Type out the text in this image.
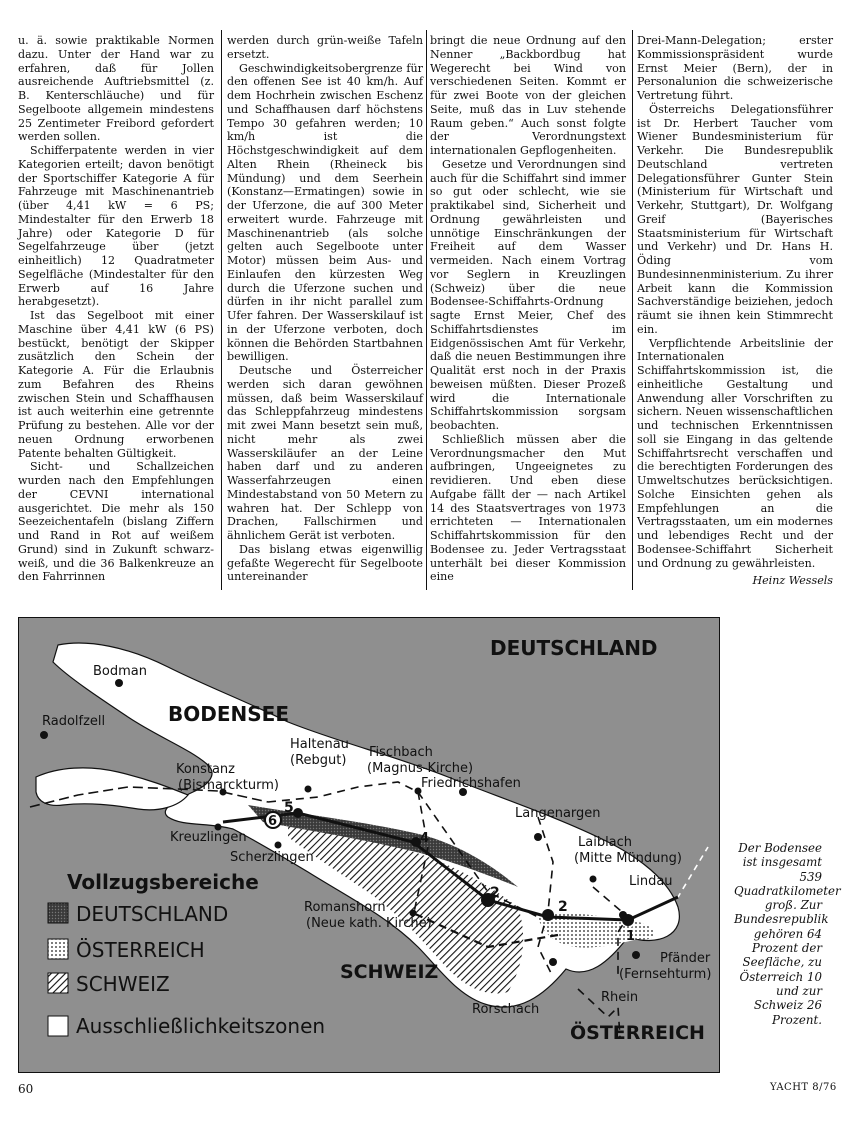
u. ä. sowie praktikable Normen dazu. Unter der Hand war zu erfahren, daß für Jollen ausreichende Auftriebsmittel (z. B. Kenterschläuche) und für Segelboote allgemein mindestens 25 Zentimeter Freibord gefordert werden sollen.

Schifferpatente werden in vier Kategorien erteilt; davon benötigt der Sportschiffer Kategorie A für Fahrzeuge mit Maschinenantrieb (über 4,41 kW = 6 PS; Mindestalter für den Erwerb 18 Jahre) oder Kategorie D für Segelfahrzeuge über (jetzt einheitlich) 12 Quadratmeter Segelfläche (Mindestalter für den Erwerb auf 16 Jahre herabgesetzt).

Ist das Segelboot mit einer Maschine über 4,41 kW (6 PS) bestückt, benötigt der Skipper zusätzlich den Schein der Kategorie A. Für die Erlaubnis zum Befahren des Rheins zwischen Stein und Schaffhausen ist auch weiterhin eine getrennte Prüfung zu bestehen. Alle vor der neuen Ordnung erworbenen Patente behalten Gültigkeit.

Sicht- und Schallzeichen wurden nach den Empfehlungen der CEVNI international ausgerichtet. Die mehr als 150 Seezeichentafeln (bislang Ziffern und Rand in Rot auf weißem Grund) sind in Zukunft schwarz-weiß, und die 36 Balkenkreuze an den Fahrrinnen

werden durch grün-weiße Tafeln ersetzt.

Geschwindigkeitsobergrenze für den offenen See ist 40 km/h. Auf dem Hochrhein zwischen Eschenz und Schaffhausen darf höchstens Tempo 30 gefahren werden; 10 km/h ist die Höchstgeschwindigkeit auf dem Alten Rhein (Rheineck bis Mündung) und dem Seerhein (Konstanz—Ermatingen) sowie in der Uferzone, die auf 300 Meter erweitert wurde. Fahrzeuge mit Maschinenantrieb (als solche gelten auch Segelboote unter Motor) müssen beim Aus- und Einlaufen den kürzesten Weg durch die Uferzone suchen und dürfen in ihr nicht parallel zum Ufer fahren. Der Wasserskilauf ist in der Uferzone verboten, doch können die Behörden Startbahnen bewilligen.

Deutsche und Österreicher werden sich daran gewöhnen müssen, daß beim Wasserskilauf das Schleppfahrzeug mindestens mit zwei Mann besetzt sein muß, nicht mehr als zwei Wasserskiläufer an der Leine haben darf und zu anderen Wasserfahrzeugen einen Mindestabstand von 50 Metern zu wahren hat. Der Schlepp von Drachen, Fallschirmen und ähnlichem Gerät ist verboten.

Das bislang etwas eigenwillig gefaßte Wegerecht für Segelboote untereinander

bringt die neue Ordnung auf den Nenner „Backbordbug hat Wegerecht bei Wind von verschiedenen Seiten. Kommt er für zwei Boote von der gleichen Seite, muß das in Luv stehende Raum geben.“ Auch sonst folgte der Verordnungstext internationalen Gepflogenheiten.

Gesetze und Verordnungen sind auch für die Schiffahrt sind immer so gut oder schlecht, wie sie praktikabel sind, Sicherheit und Ordnung gewährleisten und unnötige Einschränkungen der Freiheit auf dem Wasser vermeiden. Nach einem Vortrag vor Seglern in Kreuzlingen (Schweiz) über die neue Bodensee-Schiffahrts-Ordnung sagte Ernst Meier, Chef des Schiffahrtsdienstes im Eidgenössischen Amt für Verkehr, daß die neuen Bestimmungen ihre Qualität erst noch in der Praxis beweisen müßten. Dieser Prozeß wird die Internationale Schiffahrtskommission sorgsam beobachten.

Schließlich müssen aber die Verordnungsmacher den Mut aufbringen, Ungeeignetes zu revidieren. Und eben diese Aufgabe fällt der — nach Artikel 14 des Staatsvertrages von 1973 errichteten — Internationalen Schiffahrtskommission für den Bodensee zu. Jeder Vertragsstaat unterhält bei dieser Kommission eine

Drei-Mann-Delegation; erster Kommissionspräsident wurde Ernst Meier (Bern), der in Personalunion die schweizerische Vertretung führt.

Österreichs Delegationsführer ist Dr. Herbert Taucher vom Wiener Bundesministerium für Verkehr. Die Bundesrepublik Deutschland vertreten Delegationsführer Gunter Stein (Ministerium für Wirtschaft und Verkehr, Stuttgart), Dr. Wolfgang Greif (Bayerisches Staatsministerium für Wirtschaft und Verkehr) und Dr. Hans H. Öding vom Bundesinnenministerium. Zu ihrer Arbeit kann die Kommission Sachverständige beiziehen, jedoch räumt sie ihnen kein Stimmrecht ein.

Verpflichtende Arbeitslinie der Internationalen Schiffahrtskommission ist, die einheitliche Gestaltung und Anwendung aller Vorschriften zu sichern. Neuen wissenschaftlichen und technischen Erkenntnissen soll sie Eingang in das geltende Schiffahrtsrecht verschaffen und die berechtigten Forderungen des Umweltschutzes berücksichtigen. Solche Einsichten gehen als Empfehlungen an die Vertragsstaaten, um ein modernes und lebendiges Recht und der Bodensee-Schiffahrt Sicherheit und Ordnung zu gewährleisten.

Heinz Wessels

DEUTSCHLAND
SCHWEIZ
ÖSTERREICH
BODENSEE
Bodman
Radolfzell
Konstanz
(Bismarckturm)
Haltenau
(Rebgut)
Fischbach
(Magnus-Kirche)
Friedrichshafen
Langenargen
Laiblach
(Mitte Mündung)
Lindau
Kreuzlingen
Scherzlingen
Romanshorn
(Neue kath. Kirche)
Pfänder
(Fernsehturm)
Rorschach
Rhein
1
2
2
4
5
6
Vollzugsbereiche
DEUTSCHLAND
ÖSTERREICH
SCHWEIZ
Ausschließlichkeitszonen
Der Bodensee ist insgesamt 539 Quadratkilometer groß. Zur Bundesrepublik gehören 64 Prozent der Seefläche, zu Österreich 10 und zur Schweiz 26 Prozent.
60	YACHT 8/76
